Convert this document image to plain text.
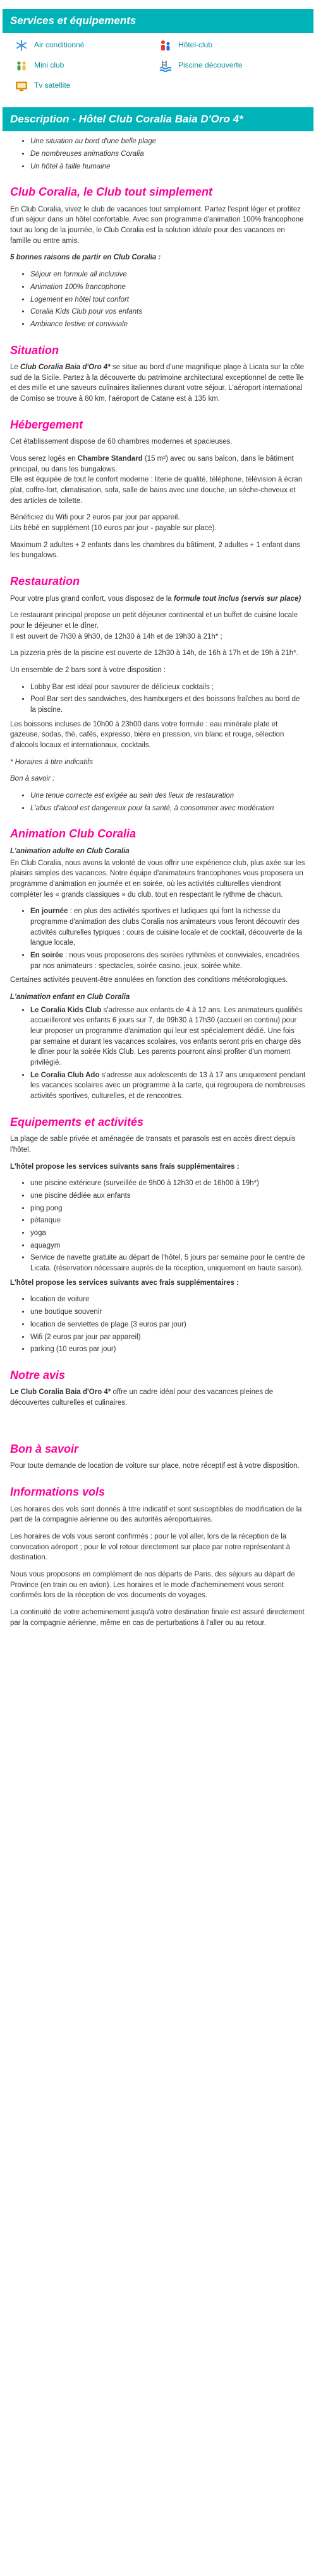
Services et équipements
Air conditionné	Hôtel-club
Mini club	Piscine découverte
Tv satellite
Description - Hôtel Club Coralia Baia D'Oro 4*
• Une situation au bord d'une belle plage
• De nombreuses animations Coralia
• Un hôtel à taille humaine
Club Coralia, le Club tout simplement

En Club Coralia, vivez le club de vacances tout simplement. Partez l'esprit léger et profitez d'un séjour dans un hôtel confortable. Avec son programme d'animation 100% francophone tout au long de la journée, le Club Coralia est la solution idéale pour des vacances en famille ou entre amis.

5 bonnes raisons de partir en Club Coralia :

• Séjour en formule all inclusive
• Animation 100% francophone
• Logement en hôtel tout confort
• Coralia Kids Club pour vos enfants
• Ambiance festive et conviviale
Situation

Le Club Coralia Baia d'Oro 4* se situe au bord d'une magnifique plage à Licata sur la côte sud de la Sicile. Partez à la découverte du patrimoine architectural exceptionnel de cette île et des mille et une saveurs culinaires italiennes durant votre séjour. L'aéroport international de Comiso se trouve à 80 km, l'aéroport de Catane est à 135 km.

Hébergement

Cet établissement dispose de 60 chambres modernes et spacieuses.

Vous serez logés en Chambre Standard (15 m²) avec ou sans balcon, dans le bâtiment principal, ou dans les bungalows.

Elle est équipée de tout le confort moderne : literie de qualité, téléphone, télévision à écran plat, coffre-fort, climatisation, sofa, salle de bains avec une douche, un sèche-cheveux et des articles de toilette.

Bénéficiez du Wifi pour 2 euros par jour par appareil.

Lits bébé en supplément (10 euros par jour - payable sur place).

Maximum 2 adultes + 2 enfants dans les chambres du bâtiment, 2 adultes + 1 enfant dans les bungalows.

Restauration

Pour votre plus grand confort, vous disposez de la formule tout inclus (servis sur place)

Le restaurant principal propose un petit déjeuner continental et un buffet de cuisine locale pour le déjeuner et le dîner.

Il est ouvert de 7h30 à 9h30, de 12h30 à 14h et de 19h30 à 21h* ;

La pizzeria près de la piscine est ouverte de 12h30 à 14h, de 16h à 17h et de 19h à 21h*.

Un ensemble de 2 bars sont à votre disposition :

• Lobby Bar est idéal pour savourer de délicieux cocktails ;
• Pool Bar sert des sandwiches, des hamburgers et des boissons fraîches au bord de la piscine.

Les boissons incluses de 10h00 à 23h00 dans votre formule : eau minérale plate et gazeuse, sodas, thé, cafés, expresso, bière en pression, vin blanc et rouge, sélection d'alcools locaux et internationaux, cocktails.

* Horaires à titre indicatifs

Bon à savoir :

• Une tenue correcte est exigée au sein des lieux de restauration
• L'abus d'alcool est dangereux pour la santé, à consommer avec modération
Animation Club Coralia

L'animation adulte en Club Coralia

En Club Coralia, nous avons la volonté de vous offrir une expérience club, plus axée sur les plaisirs simples des vacances. Notre équipe d'animateurs francophones vous proposera un programme d'animation en journée et en soirée, où les activités culturelles viendront compléter les « grands classiques » du club, tout en respectant le rythme de chacun.

• En journée : en plus des activités sportives et ludiques qui font la richesse du programme d'animation des clubs Coralia nos animateurs vous feront découvrir des activités culturelles typiques : cours de cuisine locale et de cocktail, découverte de la langue locale,
• En soirée : nous vous proposerons des soirées rythmées et conviviales, encadrées par nos animateurs : spectacles, soirée casino, jeux, soirée white.

Certaines activités peuvent-être annulées en fonction des conditions météorologiques.

L'animation enfant en Club Coralia

• Le Coralia Kids Club s'adresse aux enfants de 4 à 12 ans. Les animateurs qualifiés accueilleront vos enfants 6 jours sur 7, de 09h30 à 17h30 (accueil en continu) pour leur proposer un programme d'animation qui leur est spécialement dédié. Une fois par semaine et durant les vacances scolaires, vos enfants seront pris en charge dès le dîner pour la soirée Kids Club. Les parents pourront ainsi profiter d'un moment privilégié.
• Le Coralia Club Ado s'adresse aux adolescents de 13 à 17 ans uniquement pendant les vacances scolaires avec un programme à la carte, qui regroupera de nombreuses activités sportives, culturelles, et de rencontres.
Equipements et activités

La plage de sable privée et aménagée de transats et parasols est en accès direct depuis l'hôtel.

L'hôtel propose les services suivants sans frais supplémentaires :

• une piscine extérieure (surveillée de 9h00 à 12h30 et de 16h00 à 19h*)
• une piscine dédiée aux enfants
• ping pong
• pétanque
• yoga
• aquagym
• Service de navette gratuite au départ de l'hôtel, 5 jours par semaine pour le centre de Licata. (réservation nécessaire auprès de la réception, uniquement en haute saison).

L'hôtel propose les services suivants avec frais supplémentaires :

• location de voiture
• une boutique souvenir
• location de serviettes de plage (3 euros par jour)
• Wifi (2 euros par jour par appareil)
• parking (10 euros par jour)
Notre avis

Le Club Coralia Baia d'Oro 4* offre un cadre idéal pour des vacances pleines de découvertes culturelles et culinaires.

Bon à savoir

Pour toute demande de location de voiture sur place, notre réceptif est à votre disposition.

Informations vols

Les horaires des vols sont donnés à titre indicatif et sont susceptibles de modification de la part de la compagnie aérienne ou des autorités aéroportuaires.

Les horaires de vols vous seront confirmés : pour le vol aller, lors de la réception de la convocation aéroport ; pour le vol retour directement sur place par notre représentant à destination.

Nous vous proposons en complément de nos départs de Paris, des séjours au départ de Province (en train ou en avion). Les horaires et le mode d'acheminement vous seront confirmés lors de la réception de vos documents de voyages.

La continuité de votre acheminement jusqu'à votre destination finale est assuré directement par la compagnie aérienne, même en cas de perturbations à l'aller ou au retour.
